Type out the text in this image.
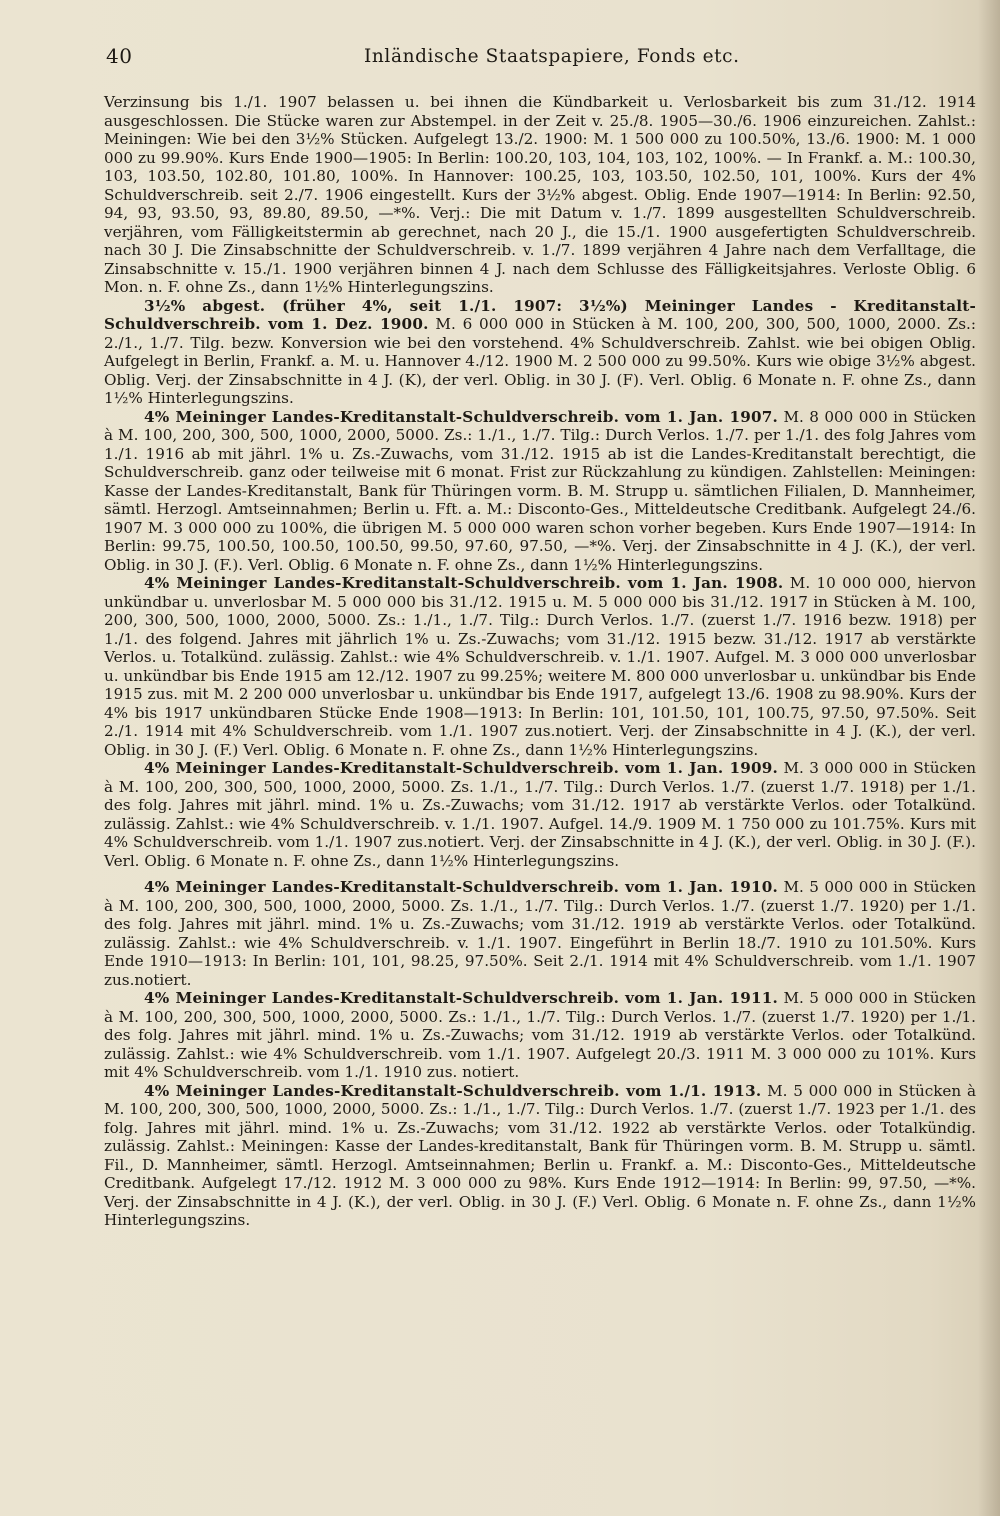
40	Inländische Staatspapiere, Fonds etc.

Verzinsung bis 1./1. 1907 belassen u. bei ihnen die Kündbarkeit u. Verlosbarkeit bis zum 31./12. 1914 ausgeschlossen. Die Stücke waren zur Abstempel. in der Zeit v. 25./8. 1905—30./6. 1906 einzureichen. Zahlst.: Meiningen: Wie bei den 3½% Stücken. Aufgelegt 13./2. 1900: M. 1 500 000 zu 100.50%, 13./6. 1900: M. 1 000 000 zu 99.90%. Kurs Ende 1900—1905: In Berlin: 100.20, 103, 104, 103, 102, 100%. — In Frankf. a. M.: 100.30, 103, 103.50, 102.80, 101.80, 100%. In Hannover: 100.25, 103, 103.50, 102.50, 101, 100%. Kurs der 4% Schuldverschreib. seit 2./7. 1906 eingestellt. Kurs der 3½% abgest. Oblig. Ende 1907—1914: In Berlin: 92.50, 94, 93, 93.50, 93, 89.80, 89.50, —*%. Verj.: Die mit Datum v. 1./7. 1899 ausgestellten Schuldverschreib. verjähren, vom Fälligkeitstermin ab gerechnet, nach 20 J., die 15./1. 1900 ausgefertigten Schuldverschreib. nach 30 J. Die Zinsabschnitte der Schuldverschreib. v. 1./7. 1899 verjähren 4 Jahre nach dem Verfalltage, die Zinsabschnitte v. 15./1. 1900 verjähren binnen 4 J. nach dem Schlusse des Fälligkeitsjahres. Verloste Oblig. 6 Mon. n. F. ohne Zs., dann 1½% Hinterlegungszins.

3½% abgest. (früher 4%, seit 1./1. 1907: 3½%) Meininger Landes - Kreditanstalt-Schuldverschreib. vom 1. Dez. 1900. M. 6 000 000 in Stücken à M. 100, 200, 300, 500, 1000, 2000. Zs.: 2./1., 1./7. Tilg. bezw. Konversion wie bei den vorstehend. 4% Schuldverschreib. Zahlst. wie bei obigen Oblig. Aufgelegt in Berlin, Frankf. a. M. u. Hannover 4./12. 1900 M. 2 500 000 zu 99.50%. Kurs wie obige 3½% abgest. Oblig. Verj. der Zinsabschnitte in 4 J. (K), der verl. Oblig. in 30 J. (F). Verl. Oblig. 6 Monate n. F. ohne Zs., dann 1½% Hinterlegungszins.

4% Meininger Landes-Kreditanstalt-Schuldverschreib. vom 1. Jan. 1907. M. 8 000 000 in Stücken à M. 100, 200, 300, 500, 1000, 2000, 5000. Zs.: 1./1., 1./7. Tilg.: Durch Verlos. 1./7. per 1./1. des folg Jahres vom 1./1. 1916 ab mit jährl. 1% u. Zs.-Zuwachs, vom 31./12. 1915 ab ist die Landes-Kreditanstalt berechtigt, die Schuldverschreib. ganz oder teilweise mit 6 monat. Frist zur Rückzahlung zu kündigen. Zahlstellen: Meiningen: Kasse der Landes-Kreditanstalt, Bank für Thüringen vorm. B. M. Strupp u. sämtlichen Filialen, D. Mannheimer, sämtl. Herzogl. Amtseinnahmen; Berlin u. Fft. a. M.: Disconto-Ges., Mitteldeutsche Creditbank. Aufgelegt 24./6. 1907 M. 3 000 000 zu 100%, die übrigen M. 5 000 000 waren schon vorher begeben. Kurs Ende 1907—1914: In Berlin: 99.75, 100.50, 100.50, 100.50, 99.50, 97.60, 97.50, —*%. Verj. der Zinsabschnitte in 4 J. (K.), der verl. Oblig. in 30 J. (F.). Verl. Oblig. 6 Monate n. F. ohne Zs., dann 1½% Hinterlegungszins.

4% Meininger Landes-Kreditanstalt-Schuldverschreib. vom 1. Jan. 1908. M. 10 000 000, hiervon unkündbar u. unverlosbar M. 5 000 000 bis 31./12. 1915 u. M. 5 000 000 bis 31./12. 1917 in Stücken à M. 100, 200, 300, 500, 1000, 2000, 5000. Zs.: 1./1., 1./7. Tilg.: Durch Verlos. 1./7. (zuerst 1./7. 1916 bezw. 1918) per 1./1. des folgend. Jahres mit jährlich 1% u. Zs.-Zuwachs; vom 31./12. 1915 bezw. 31./12. 1917 ab verstärkte Verlos. u. Totalkünd. zulässig. Zahlst.: wie 4% Schuldverschreib. v. 1./1. 1907. Aufgel. M. 3 000 000 unverlosbar u. unkündbar bis Ende 1915 am 12./12. 1907 zu 99.25%; weitere M. 800 000 unverlosbar u. unkündbar bis Ende 1915 zus. mit M. 2 200 000 unverlosbar u. unkündbar bis Ende 1917, aufgelegt 13./6. 1908 zu 98.90%. Kurs der 4% bis 1917 unkündbaren Stücke Ende 1908—1913: In Berlin: 101, 101.50, 101, 100.75, 97.50, 97.50%. Seit 2./1. 1914 mit 4% Schuldverschreib. vom 1./1. 1907 zus.notiert. Verj. der Zinsabschnitte in 4 J. (K.), der verl. Oblig. in 30 J. (F.) Verl. Oblig. 6 Monate n. F. ohne Zs., dann 1½% Hinterlegungszins.

4% Meininger Landes-Kreditanstalt-Schuldverschreib. vom 1. Jan. 1909. M. 3 000 000 in Stücken à M. 100, 200, 300, 500, 1000, 2000, 5000. Zs. 1./1., 1./7. Tilg.: Durch Verlos. 1./7. (zuerst 1./7. 1918) per 1./1. des folg. Jahres mit jährl. mind. 1% u. Zs.-Zuwachs; vom 31./12. 1917 ab verstärkte Verlos. oder Totalkünd. zulässig. Zahlst.: wie 4% Schuldverschreib. v. 1./1. 1907. Aufgel. 14./9. 1909 M. 1 750 000 zu 101.75%. Kurs mit 4% Schuldverschreib. vom 1./1. 1907 zus.notiert. Verj. der Zinsabschnitte in 4 J. (K.), der verl. Oblig. in 30 J. (F.). Verl. Oblig. 6 Monate n. F. ohne Zs., dann 1½% Hinterlegungszins.

4% Meininger Landes-Kreditanstalt-Schuldverschreib. vom 1. Jan. 1910. M. 5 000 000 in Stücken à M. 100, 200, 300, 500, 1000, 2000, 5000. Zs. 1./1., 1./7. Tilg.: Durch Verlos. 1./7. (zuerst 1./7. 1920) per 1./1. des folg. Jahres mit jährl. mind. 1% u. Zs.-Zuwachs; vom 31./12. 1919 ab verstärkte Verlos. oder Totalkünd. zulässig. Zahlst.: wie 4% Schuldverschreib. v. 1./1. 1907. Eingeführt in Berlin 18./7. 1910 zu 101.50%. Kurs Ende 1910—1913: In Berlin: 101, 101, 98.25, 97.50%. Seit 2./1. 1914 mit 4% Schuldverschreib. vom 1./1. 1907 zus.notiert.

4% Meininger Landes-Kreditanstalt-Schuldverschreib. vom 1. Jan. 1911. M. 5 000 000 in Stücken à M. 100, 200, 300, 500, 1000, 2000, 5000. Zs.: 1./1., 1./7. Tilg.: Durch Verlos. 1./7. (zuerst 1./7. 1920) per 1./1. des folg. Jahres mit jährl. mind. 1% u. Zs.-Zuwachs; vom 31./12. 1919 ab verstärkte Verlos. oder Totalkünd. zulässig. Zahlst.: wie 4% Schuldverschreib. vom 1./1. 1907. Aufgelegt 20./3. 1911 M. 3 000 000 zu 101%. Kurs mit 4% Schuldverschreib. vom 1./1. 1910 zus. notiert.

4% Meininger Landes-Kreditanstalt-Schuldverschreib. vom 1./1. 1913. M. 5 000 000 in Stücken à M. 100, 200, 300, 500, 1000, 2000, 5000. Zs.: 1./1., 1./7. Tilg.: Durch Verlos. 1./7. (zuerst 1./7. 1923 per 1./1. des folg. Jahres mit jährl. mind. 1% u. Zs.-Zuwachs; vom 31./12. 1922 ab verstärkte Verlos. oder Totalkündig. zulässig. Zahlst.: Meiningen: Kasse der Landes-kreditanstalt, Bank für Thüringen vorm. B. M. Strupp u. sämtl. Fil., D. Mannheimer, sämtl. Herzogl. Amtseinnahmen; Berlin u. Frankf. a. M.: Disconto-Ges., Mitteldeutsche Creditbank. Aufgelegt 17./12. 1912 M. 3 000 000 zu 98%. Kurs Ende 1912—1914: In Berlin: 99, 97.50, —*%. Verj. der Zinsabschnitte in 4 J. (K.), der verl. Oblig. in 30 J. (F.) Verl. Oblig. 6 Monate n. F. ohne Zs., dann 1½% Hinterlegungszins.
